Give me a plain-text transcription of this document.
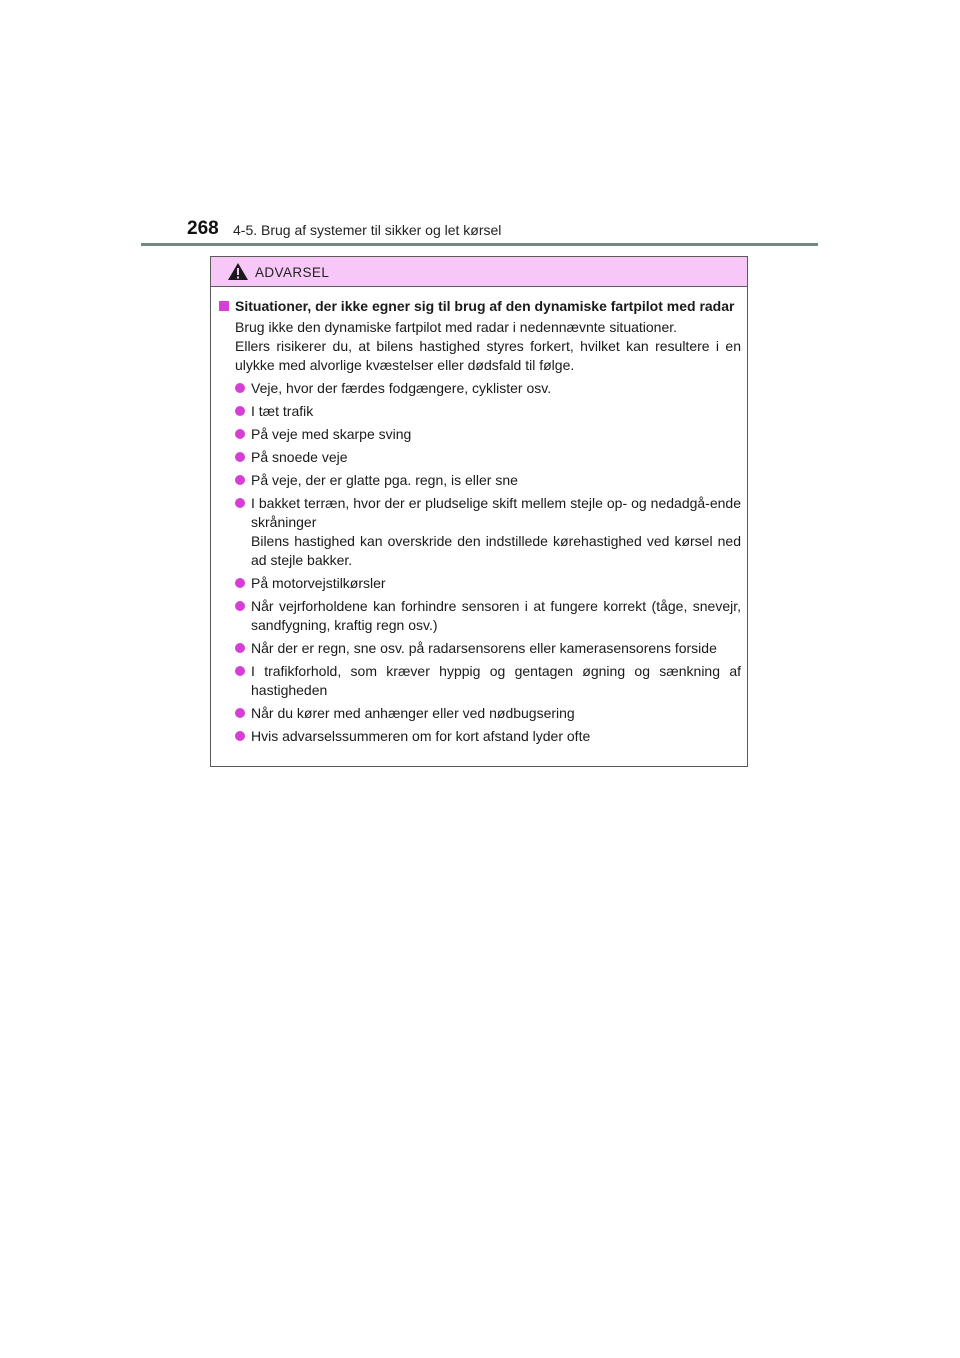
268 4-5. Brug af systemer til sikker og let kørsel
ADVARSEL
Situationer, der ikke egner sig til brug af den dynamiske fartpilot med radar
Brug ikke den dynamiske fartpilot med radar i nedennævnte situationer.
Ellers risikerer du, at bilens hastighed styres forkert, hvilket kan resultere i en ulykke med alvorlige kvæstelser eller dødsfald til følge.
Veje, hvor der færdes fodgængere, cyklister osv.
I tæt trafik
På veje med skarpe sving
På snoede veje
På veje, der er glatte pga. regn, is eller sne
I bakket terræn, hvor der er pludselige skift mellem stejle op- og nedadgå-ende skråninger
Bilens hastighed kan overskride den indstillede kørehastighed ved kørsel ned ad stejle bakker.
På motorvejstilkørsler
Når vejrforholdene kan forhindre sensoren i at fungere korrekt (tåge, snevejr, sandfygning, kraftig regn osv.)
Når der er regn, sne osv. på radarsensorens eller kamerasensorens forside
I trafikforhold, som kræver hyppig og gentagen øgning og sænkning af hastigheden
Når du kører med anhænger eller ved nødbugsering
Hvis advarselssummeren om for kort afstand lyder ofte
